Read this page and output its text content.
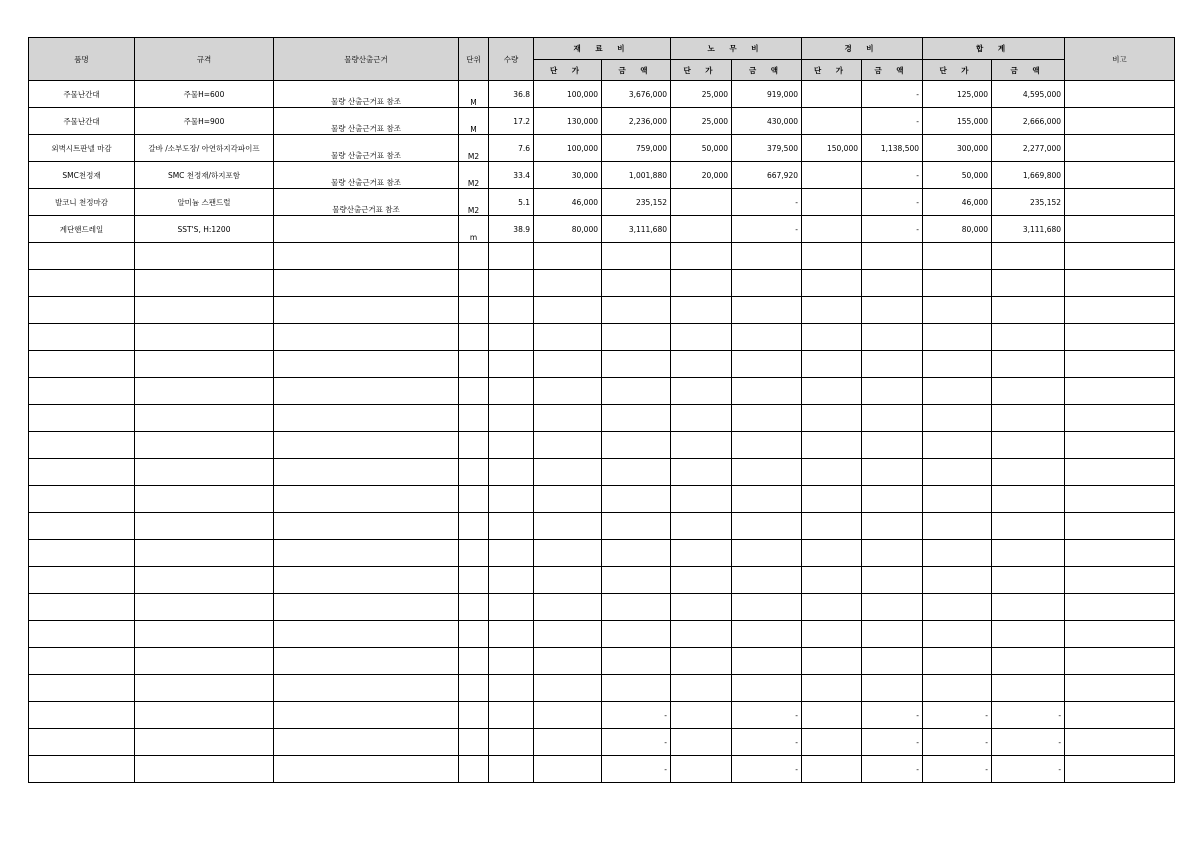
품명	규격	물량산출근거	단위	수량	재 료 비		노 무 비		경 비		합 계		비고
					단 가	금 액	단 가	금 액	단 가	금 액	단 가	금 액	
주물난간대	주물H=600	물량 산출근거표 참조	M	36.8	100,000	3,676,000	25,000	919,000		-	125,000	4,595,000	
주물난간대	주물H=900	물량 산출근거표 참조	M	17.2	130,000	2,236,000	25,000	430,000		-	155,000	2,666,000	
외벽시트판넬 마감	갈바 /소부도장/ 아연하지각파이프	물량 산출근거표 참조	M2	7.6	100,000	759,000	50,000	379,500	150,000	1,138,500	300,000	2,277,000	
SMC천정재	SMC 천정재/하지포함	물량 산출근거표 참조	M2	33.4	30,000	1,001,880	20,000	667,920		-	50,000	1,669,800	
발코니 천정마감	알미늄 스팬드럴	물량산출근거표 참조	M2	5.1	46,000	235,152		-		-	46,000	235,152	
계단핸드레일	SST'S, H:1200		m	38.9	80,000	3,111,680		-		-	80,000	3,111,680	

						-		-		-	-	-	
						-		-		-	-	-	
						-		-		-	-	-	
